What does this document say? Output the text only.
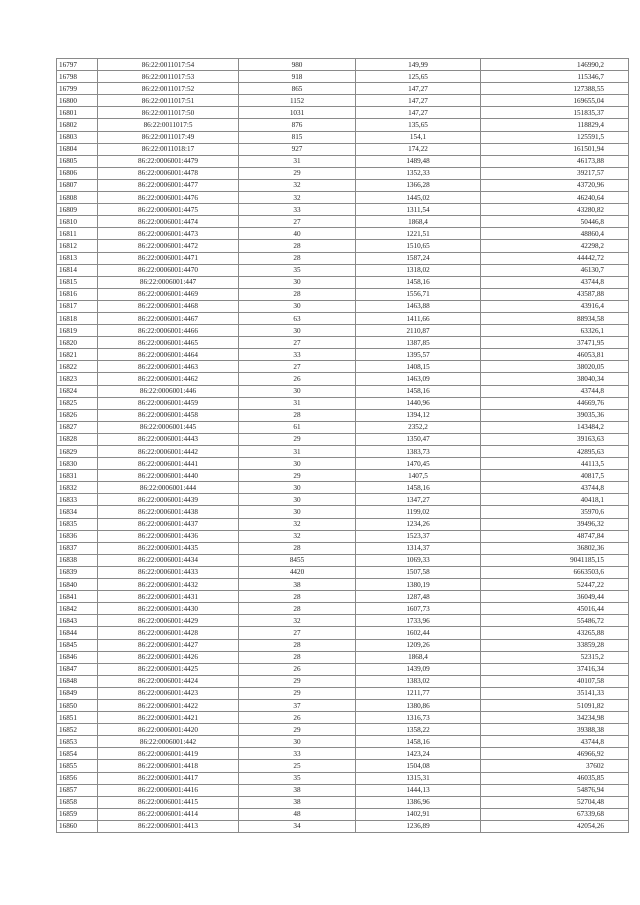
16797	86:22:0011017:54	980	149,99	146990,2
16798	86:22:0011017:53	918	125,65	115346,7
16799	86:22:0011017:52	865	147,27	127388,55
16800	86:22:0011017:51	1152	147,27	169655,04
16801	86:22:0011017:50	1031	147,27	151835,37
16802	86:22:0011017:5	876	135,65	118829,4
16803	86:22:0011017:49	815	154,1	125591,5
16804	86:22:0011018:17	927	174,22	161501,94
16805	86:22:0006001:4479	31	1489,48	46173,88
16806	86:22:0006001:4478	29	1352,33	39217,57
16807	86:22:0006001:4477	32	1366,28	43720,96
16808	86:22:0006001:4476	32	1445,02	46240,64
16809	86:22:0006001:4475	33	1311,54	43280,82
16810	86:22:0006001:4474	27	1868,4	50446,8
16811	86:22:0006001:4473	40	1221,51	48860,4
16812	86:22:0006001:4472	28	1510,65	42298,2
16813	86:22:0006001:4471	28	1587,24	44442,72
16814	86:22:0006001:4470	35	1318,02	46130,7
16815	86:22:0006001:447	30	1458,16	43744,8
16816	86:22:0006001:4469	28	1556,71	43587,88
16817	86:22:0006001:4468	30	1463,88	43916,4
16818	86:22:0006001:4467	63	1411,66	88934,58
16819	86:22:0006001:4466	30	2110,87	63326,1
16820	86:22:0006001:4465	27	1387,85	37471,95
16821	86:22:0006001:4464	33	1395,57	46053,81
16822	86:22:0006001:4463	27	1408,15	38020,05
16823	86:22:0006001:4462	26	1463,09	38040,34
16824	86:22:0006001:446	30	1458,16	43744,8
16825	86:22:0006001:4459	31	1440,96	44669,76
16826	86:22:0006001:4458	28	1394,12	39035,36
16827	86:22:0006001:445	61	2352,2	143484,2
16828	86:22:0006001:4443	29	1350,47	39163,63
16829	86:22:0006001:4442	31	1383,73	42895,63
16830	86:22:0006001:4441	30	1470,45	44113,5
16831	86:22:0006001:4440	29	1407,5	40817,5
16832	86:22:0006001:444	30	1458,16	43744,8
16833	86:22:0006001:4439	30	1347,27	40418,1
16834	86:22:0006001:4438	30	1199,02	35970,6
16835	86:22:0006001:4437	32	1234,26	39496,32
16836	86:22:0006001:4436	32	1523,37	48747,84
16837	86:22:0006001:4435	28	1314,37	36802,36
16838	86:22:0006001:4434	8455	1069,33	9041185,15
16839	86:22:0006001:4433	4420	1507,58	6663503,6
16840	86:22:0006001:4432	38	1380,19	52447,22
16841	86:22:0006001:4431	28	1287,48	36049,44
16842	86:22:0006001:4430	28	1607,73	45016,44
16843	86:22:0006001:4429	32	1733,96	55486,72
16844	86:22:0006001:4428	27	1602,44	43265,88
16845	86:22:0006001:4427	28	1209,26	33859,28
16846	86:22:0006001:4426	28	1868,4	52315,2
16847	86:22:0006001:4425	26	1439,09	37416,34
16848	86:22:0006001:4424	29	1383,02	40107,58
16849	86:22:0006001:4423	29	1211,77	35141,33
16850	86:22:0006001:4422	37	1380,86	51091,82
16851	86:22:0006001:4421	26	1316,73	34234,98
16852	86:22:0006001:4420	29	1358,22	39388,38
16853	86:22:0006001:442	30	1458,16	43744,8
16854	86:22:0006001:4419	33	1423,24	46966,92
16855	86:22:0006001:4418	25	1504,08	37602
16856	86:22:0006001:4417	35	1315,31	46035,85
16857	86:22:0006001:4416	38	1444,13	54876,94
16858	86:22:0006001:4415	38	1386,96	52704,48
16859	86:22:0006001:4414	48	1402,91	67339,68
16860	86:22:0006001:4413	34	1236,89	42054,26
